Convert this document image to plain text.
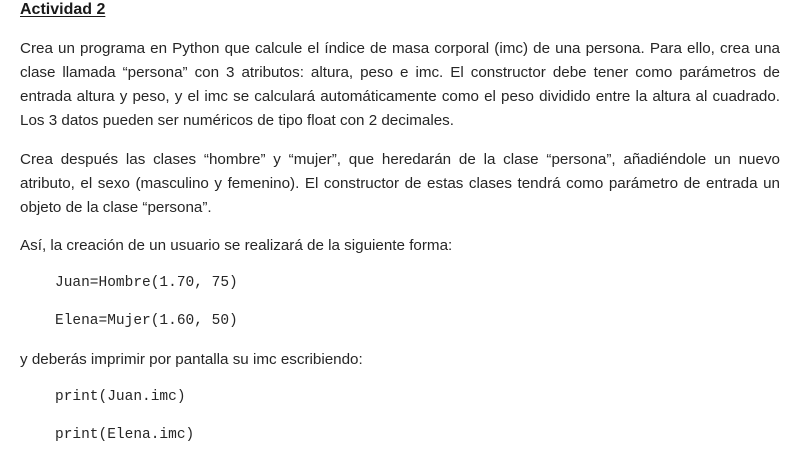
Actividad 2

Crea un programa en Python que calcule el índice de masa corporal (imc) de una persona. Para ello, crea una clase llamada “persona” con 3 atributos: altura, peso e imc. El constructor debe tener como parámetros de entrada altura y peso, y el imc se calculará automáticamente como el peso dividido entre la altura al cuadrado. Los 3 datos pueden ser numéricos de tipo float con 2 decimales.

Crea después las clases “hombre” y “mujer”, que heredarán de la clase “persona”, añadiéndole un nuevo atributo, el sexo (masculino y femenino). El constructor de estas clases tendrá como parámetro de entrada un objeto de la clase “persona”.

Así, la creación de un usuario se realizará de la siguiente forma:

Juan=Hombre(1.70, 75)
Elena=Mujer(1.60, 50)

y deberás imprimir por pantalla su imc escribiendo:

print(Juan.imc)
print(Elena.imc)
